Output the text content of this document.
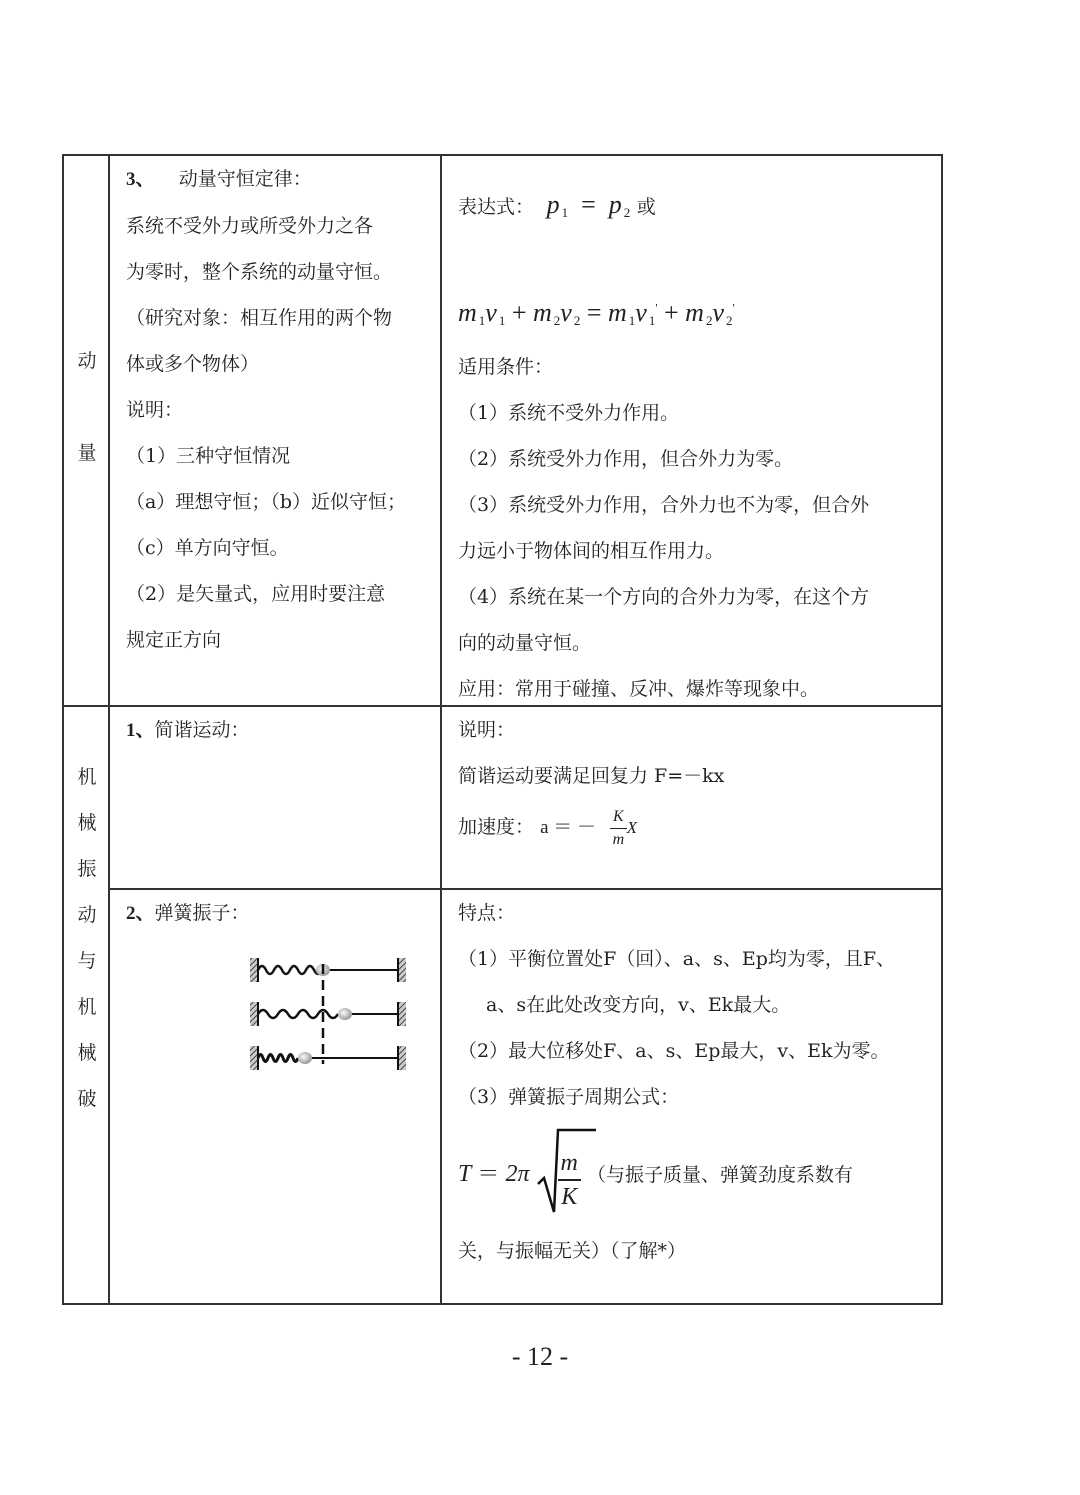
动
量
3、 动量守恒定律：
系统不受外力或所受外力之各
为零时，整个系统的动量守恒。
（研究对象：相互作用的两个物
体或多个物体）
说明：
（1）三种守恒情况
（a）理想守恒；（b）近似守恒；
（c）单方向守恒。
（2）是矢量式，应用时要注意
规定正方向
表达式： p $_1$ = p $_2$ 或
m $_1$v $_1$ + m $_2$v $_2$ = m $_1$v $_1$' + m $_2$v $_2$'
适用条件：
（1）系统不受外力作用。
（2）系统受外力作用，但合外力为零。
（3）系统受外力作用，合外力也不为零，但合外
力远小于物体间的相互作用力。
（4）系统在某一个方向的合外力为零，在这个方
向的动量守恒。
应用：常用于碰撞、反冲、爆炸等现象中。
机
械
振
动
与
机
械
破
1、简谐运动：	说明：
简谐运动要满足回复力 F=－kx
加速度： a ＝ － $\frac{K}{m}$ X
2、弹簧振子：	特点：
（1）平衡位置处F（回）、a、s、Ep均为零，且F、
a、s在此处改变方向，v、Ek最大。
（2）最大位移处F、a、s、Ep最大，v、Ek为零。
（3）弹簧振子周期公式：
$T = 2\pi \frac{m}{K}$ （与振子质量、弹簧劲度系数有
关，与振幅无关）（了解*）
- 12 -
